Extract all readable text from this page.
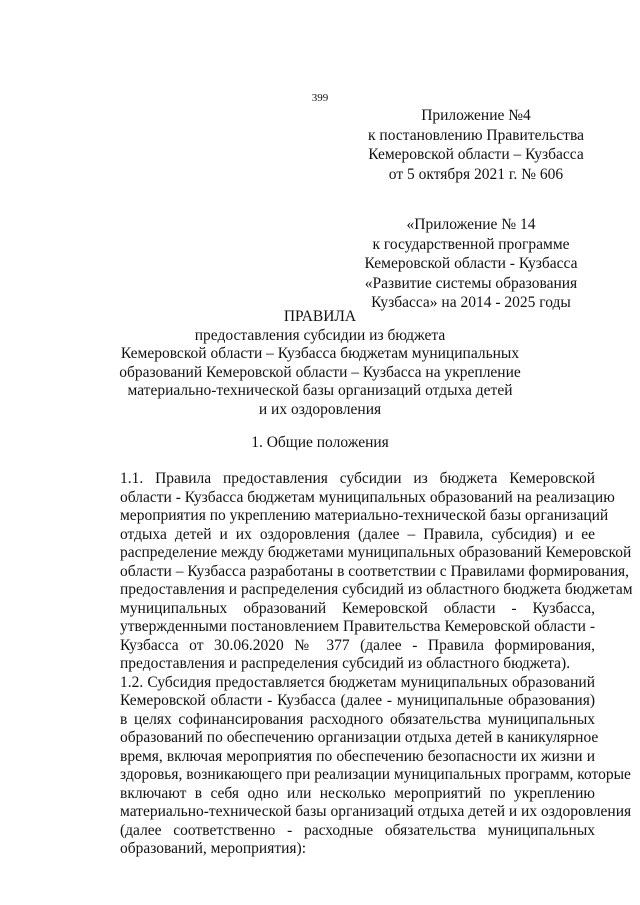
399
Приложение №4
к постановлению Правительства
Кемеровской области – Кузбасса
от 5 октября 2021 г. № 606
«Приложение № 14
к государственной программе
Кемеровской области - Кузбасса
«Развитие системы образования
Кузбасса» на 2014 - 2025 годы
ПРАВИЛА
предоставления субсидии из бюджета
Кемеровской области – Кузбасса бюджетам муниципальных
образований Кемеровской области – Кузбасса на укрепление
материально-технической базы организаций отдыха детей
и их оздоровления
1. Общие положения
1.1. Правила предоставления субсидии из бюджета Кемеровской
области - Кузбасса бюджетам муниципальных образований на реализацию
мероприятия по укреплению материально-технической базы организаций
отдыха детей и их оздоровления (далее – Правила, субсидия) и ее
распределение между бюджетами муниципальных образований Кемеровской
области – Кузбасса разработаны в соответствии с Правилами формирования,
предоставления и распределения субсидий из областного бюджета бюджетам
муниципальных образований Кемеровской области - Кузбасса,
утвержденными постановлением Правительства Кемеровской области -
Кузбасса от 30.06.2020 № 377 (далее - Правила формирования,
предоставления и распределения субсидий из областного бюджета).
1.2. Субсидия предоставляется бюджетам муниципальных образований
Кемеровской области - Кузбасса (далее - муниципальные образования)
в целях софинансирования расходного обязательства муниципальных
образований по обеспечению организации отдыха детей в каникулярное
время, включая мероприятия по обеспечению безопасности их жизни и
здоровья, возникающего при реализации муниципальных программ, которые
включают в себя одно или несколько мероприятий по укреплению
материально-технической базы организаций отдыха детей и их оздоровления
(далее соответственно - расходные обязательства муниципальных
образований, мероприятия):
